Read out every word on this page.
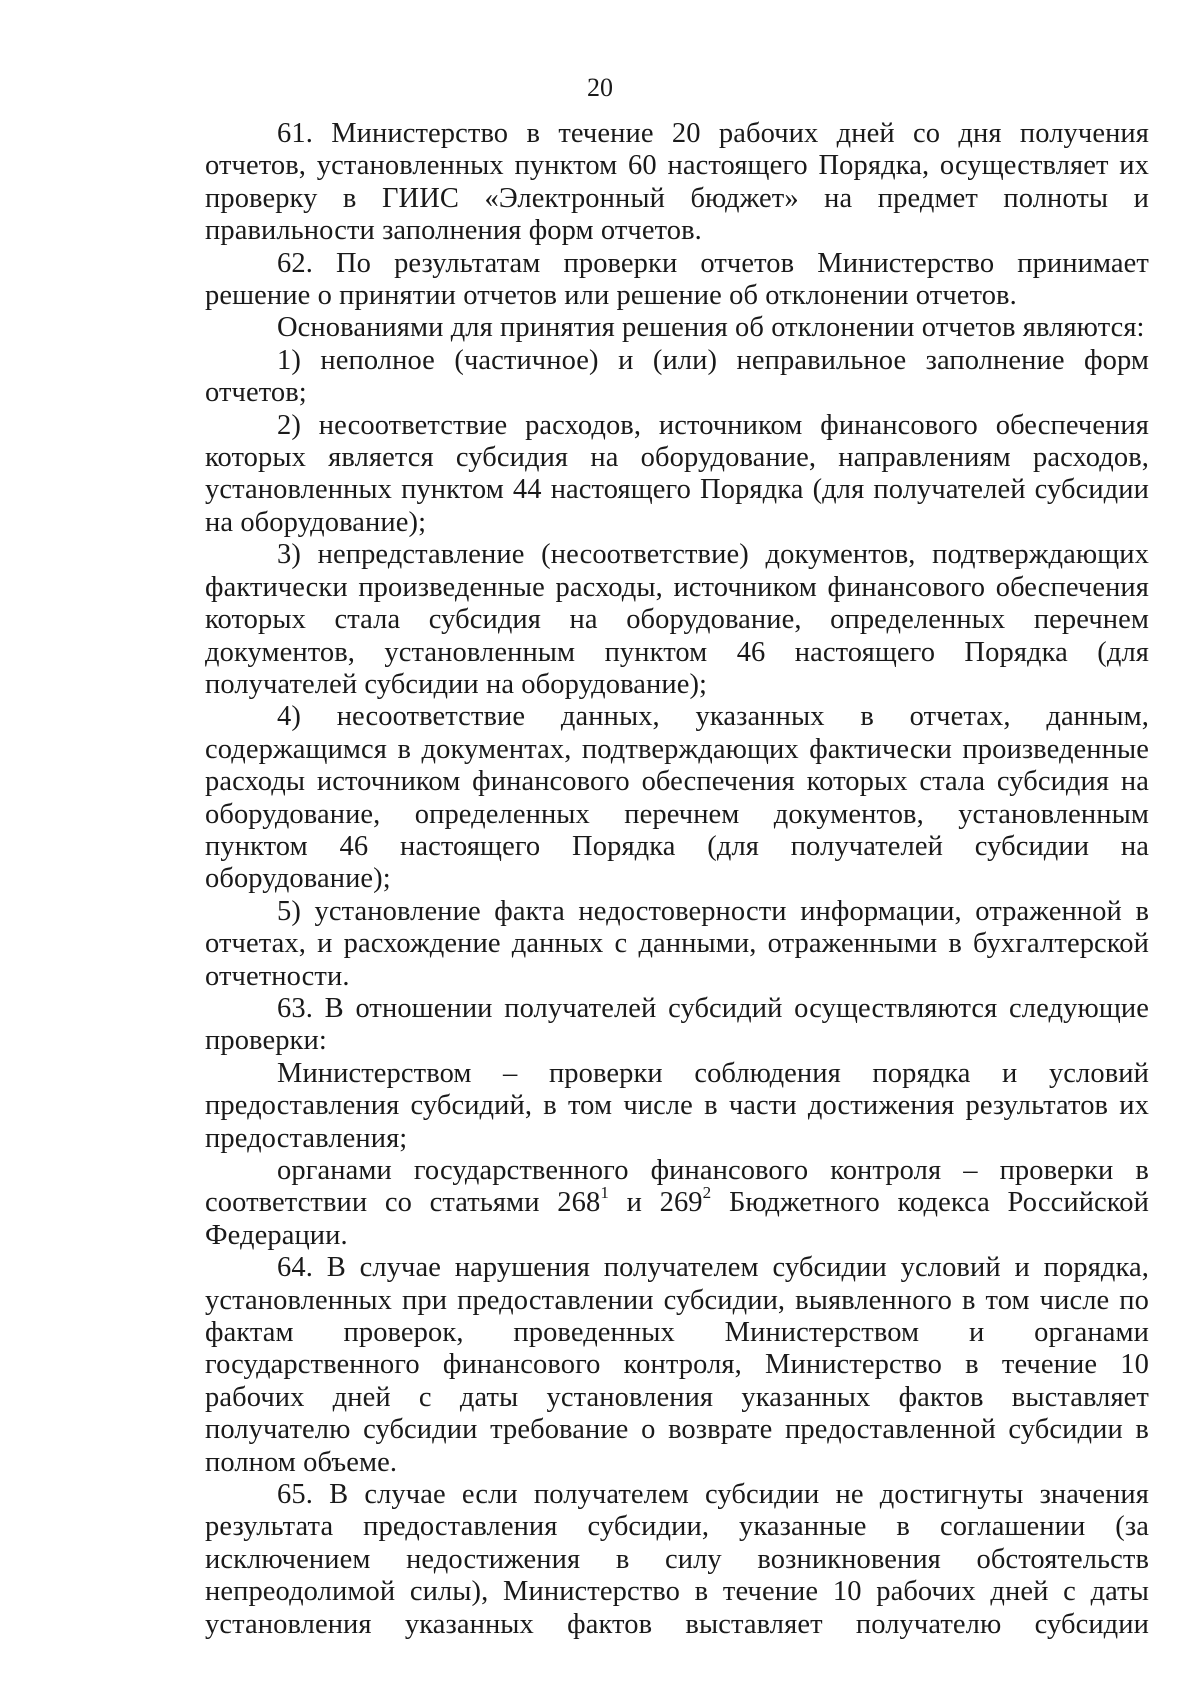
20

61. Министерство в течение 20 рабочих дней со дня получения отчетов, установленных пунктом 60 настоящего Порядка, осуществляет их проверку в ГИИС «Электронный бюджет» на предмет полноты и правильности заполнения форм отчетов.

62. По результатам проверки отчетов Министерство принимает решение о принятии отчетов или решение об отклонении отчетов.

Основаниями для принятия решения об отклонении отчетов являются:

1) неполное (частичное) и (или) неправильное заполнение форм отчетов;

2) несоответствие расходов, источником финансового обеспечения которых является субсидия на оборудование, направлениям расходов, установленных пунктом 44 настоящего Порядка (для получателей субсидии на оборудование);

3) непредставление (несоответствие) документов, подтверждающих фактически произведенные расходы, источником финансового обеспечения которых стала субсидия на оборудование, определенных перечнем документов, установленным пунктом 46 настоящего Порядка (для получателей субсидии на оборудование);

4) несоответствие данных, указанных в отчетах, данным, содержащимся в документах, подтверждающих фактически произведенные расходы источником финансового обеспечения которых стала субсидия на оборудование, определенных перечнем документов, установленным пунктом 46 настоящего Порядка (для получателей субсидии на оборудование);

5) установление факта недостоверности информации, отраженной в отчетах, и расхождение данных с данными, отраженными в бухгалтерской отчетности.

63. В отношении получателей субсидий осуществляются следующие проверки:

Министерством – проверки соблюдения порядка и условий предоставления субсидий, в том числе в части достижения результатов их предоставления;

органами государственного финансового контроля – проверки в соответствии со статьями $268^1$ и $269^2$ Бюджетного кодекса Российской Федерации.

64. В случае нарушения получателем субсидии условий и порядка, установленных при предоставлении субсидии, выявленного в том числе по фактам проверок, проведенных Министерством и органами государственного финансового контроля, Министерство в течение 10 рабочих дней с даты установления указанных фактов выставляет получателю субсидии требование о возврате предоставленной субсидии в полном объеме.

65. В случае если получателем субсидии не достигнуты значения результата предоставления субсидии, указанные в соглашении (за исключением недостижения в силу возникновения обстоятельств непреодолимой силы), Министерство в течение 10 рабочих дней с даты установления указанных фактов выставляет получателю субсидии
